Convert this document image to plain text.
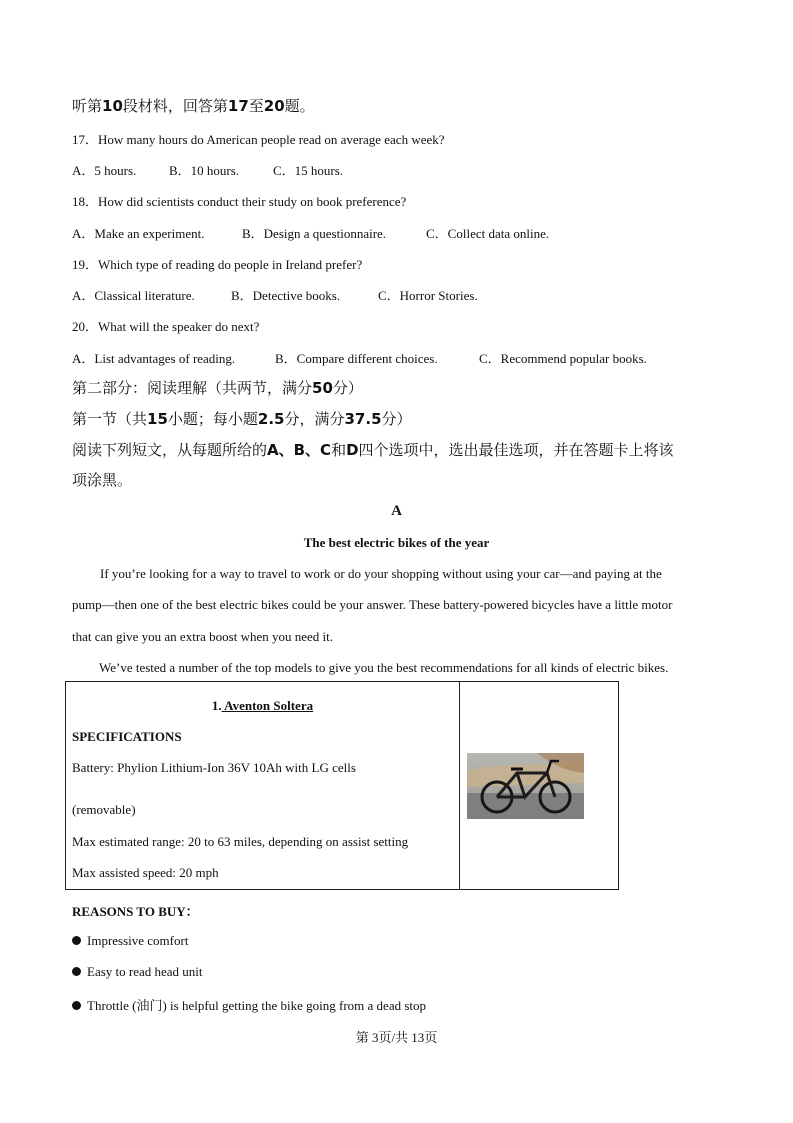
听第10段材料，回答第17至20题。
17．How many hours do American people read on average each week?
A．5 hours.	B．10 hours.	C．15 hours.
18．How did scientists conduct their study on book preference?
A．Make an experiment.	B．Design a questionnaire.	C．Collect data online.
19．Which type of reading do people in Ireland prefer?
A．Classical literature.	B．Detective books.	C．Horror Stories.
20．What will the speaker do next?
A．List advantages of reading.	B．Compare different choices.	C．Recommend popular books.
第二部分：阅读理解（共两节，满分50分）
第一节（共15小题；每小题2.5分，满分37.5分）
阅读下列短文，从每题所给的A、B、C和D四个选项中，选出最佳选项，并在答题卡上将该
项涂黑。
A
The best electric bikes of the year
If you’re looking for a way to travel to work or do your shopping without using your car—and paying at the
pump—then one of the best electric bikes could be your answer. These battery-powered bicycles have a little motor
that can give you an extra boost when you need it.
We’ve tested a number of the top models to give you the best recommendations for all kinds of electric bikes.
1. Aventon Soltera
SPECIFICATIONS
Battery: Phylion Lithium-Ion 36V 10Ah with LG cells
(removable)
Max estimated range: 20 to 63 miles, depending on assist setting
Max assisted speed: 20 mph

REASONS TO BUY：
Impressive comfort
Easy to read head unit
Throttle (油门) is helpful getting the bike going from a dead stop
第 3页/共 13页
